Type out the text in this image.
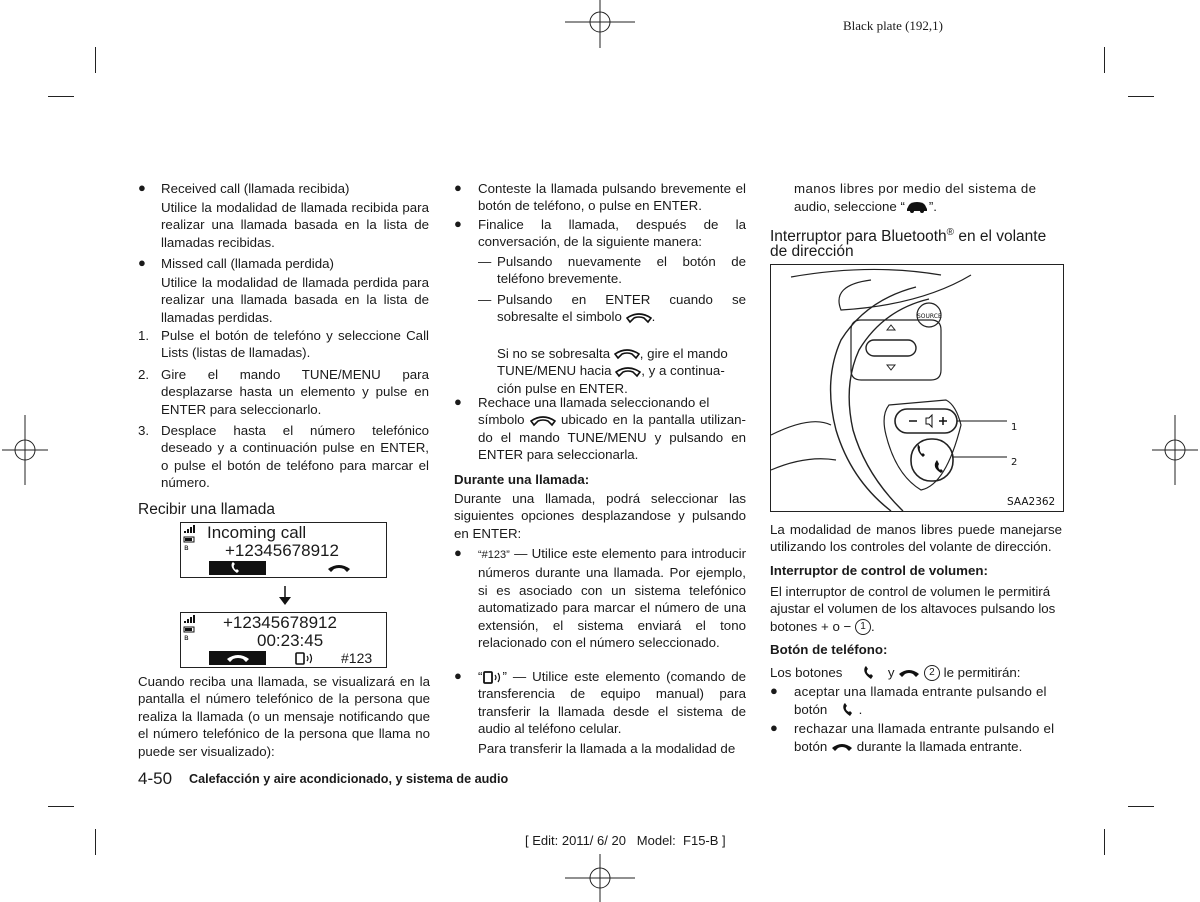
Black plate (192,1)
● Received call (llamada recibida)
Utilice la modalidad de llamada recibida para realizar una llamada basada en la lista de llamadas recibidas.
● Missed call (llamada perdida)
Utilice la modalidad de llamada perdida para realizar una llamada basada en la lista de llamadas perdidas.
1. Pulse el botón de telefóno y seleccione Call Lists (listas de llamadas).
2. Gire el mando TUNE/MENU para desplazarse hasta un elemento y pulse en ENTER para seleccionarlo.
3. Desplace hasta el número telefónico deseado y a continuación pulse en ENTER, o pulse el botón de teléfono para marcar el número.
Recibir una llamada
ʙ
Incoming call
+12345678912
ʙ
+12345678912
00:23:45
#123
Cuando reciba una llamada, se visualizará en la pantalla el número telefónico de la persona que realiza la llamada (o un mensaje notificando que el número telefónico de la persona que llama no puede ser visualizado):
● Conteste la llamada pulsando brevemente el botón de teléfono, o pulse en ENTER.
● Finalice la llamada, después de la conversación, de la siguiente manera:
— Pulsando nuevamente el botón de teléfono brevemente.
— Pulsando en ENTER cuando se sobresalte el simbolo .
Si no se sobresalta , gire el mando
TUNE/MENU hacia , y a continua-
ción pulse en ENTER.
● Rechace una llamada seleccionando el
símbolo	ubicado en la pantalla utilizan- do el mando TUNE/MENU y pulsando en ENTER para seleccionarla.
Durante una llamada:
Durante una llamada, podrá seleccionar las siguientes opciones desplazandose y pulsando en ENTER:
● “#123” — Utilice este elemento para introducir números durante una llamada. Por ejemplo, si es asociado con un sistema telefónico automatizado para marcar el número de una extensión, el sistema enviará el tono relacionado con el número seleccionado.
● “ ” — Utilice este elemento (comando de transferencia de equipo manual) para transferir la llamada desde el sistema de audio al teléfono celular.
Para transferir la llamada a la modalidad de
manos libres por medio del sistema de
audio, seleccione “ ”.
Interruptor para Bluetooth® en el volante
de dirección
SOURCE
1
2
SAA2362
La modalidad de manos libres puede manejarse utilizando los controles del volante de dirección.
Interruptor de control de volumen:
El interruptor de control de volumen le permitirá ajustar el volumen de los altavoces pulsando los
botones + o − 1 .
Botón de teléfono:
Los botones	y	2 le permitirán:
● aceptar una llamada entrante pulsando el
botón  .
● rechazar una llamada entrante pulsando el
botón durante la llamada entrante.
4-50 Calefacción y aire acondicionado, y sistema de audio
[ Edit: 2011/ 6/ 20   Model:  F15-B ]
